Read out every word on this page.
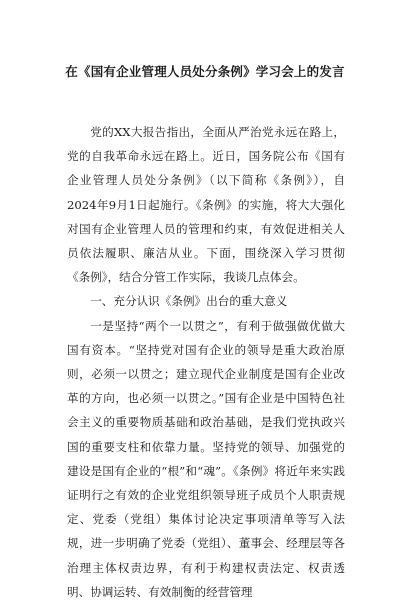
在《国有企业管理人员处分条例》学习会上的发言

党的XX大报告指出，全面从严治党永远在路上，党的自我革命永远在路上。近日，国务院公布《国有企业管理人员处分条例》（以下简称《条例》），自2024年9月1日起施行。《条例》的实施，将大大强化对国有企业管理人员的管理和约束，有效促进相关人员依法履职、廉洁从业。下面，围绕深入学习贯彻《条例》，结合分管工作实际，我谈几点体会。

一、充分认识《条例》出台的重大意义

一是坚持“两个一以贯之”，有利于做强做优做大国有资本。“坚持党对国有企业的领导是重大政治原则，必须一以贯之；建立现代企业制度是国有企业改革的方向，也必须一以贯之。”国有企业是中国特色社会主义的重要物质基础和政治基础，是我们党执政兴国的重要支柱和依靠力量。坚持党的领导、加强党的建设是国有企业的“根”和“魂”。《条例》将近年来实践证明行之有效的企业党组织领导班子成员个人职责规定、党委（党组）集体讨论决定事项清单等写入法规，进一步明确了党委（党组）、董事会、经理层等各治理主体权责边界，有利于构建权责法定、权责透明、协调运转、有效制衡的经营管理
